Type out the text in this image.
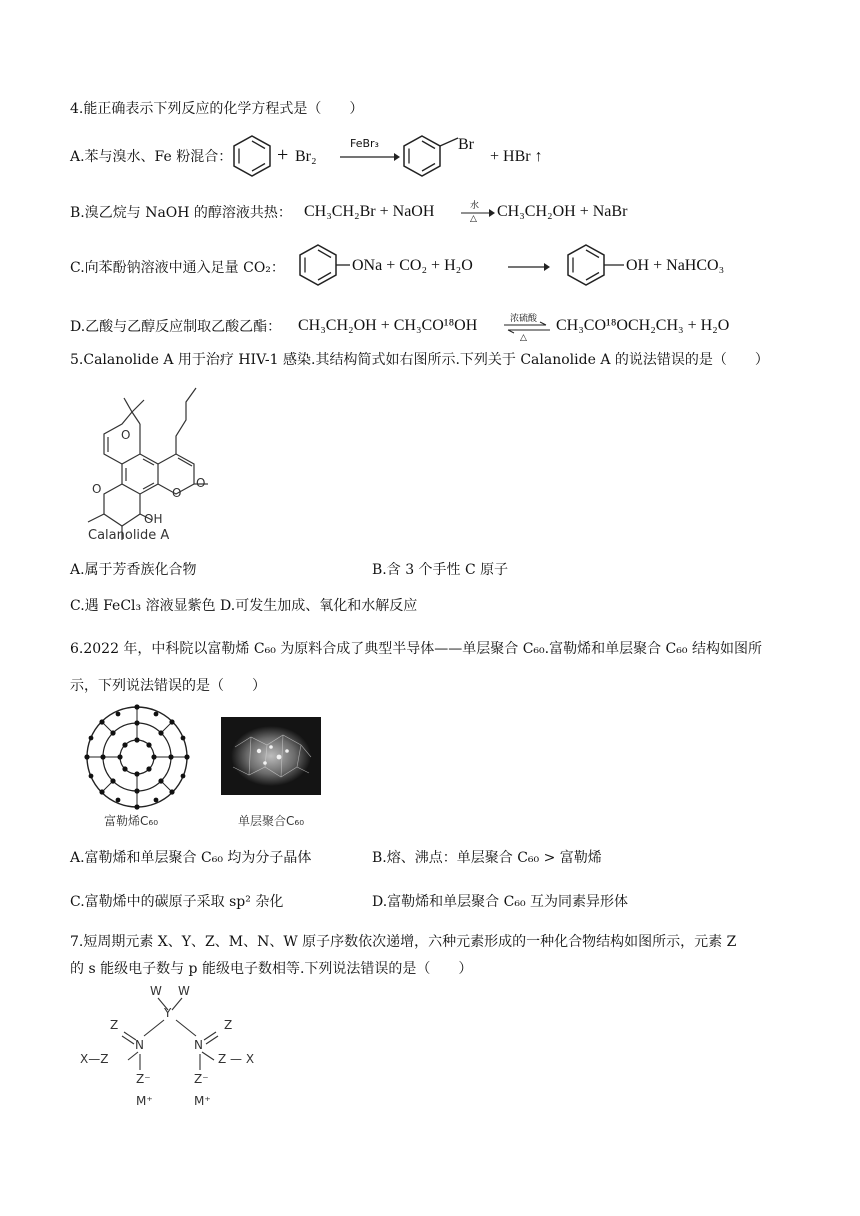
4.能正确表示下列反应的化学方程式是（　　）
A.苯与溴水、Fe 粉混合： + Br₂
FeBr₃	Br
+ HBr ↑
B.溴乙烷与 NaOH 的醇溶液共热： CH₃CH₂Br + NaOH	水
△ CH₃CH₂OH + NaBr
C.向苯酚钠溶液中通入足量 CO₂：	ONa + CO₂ + H₂O	OH + NaHCO₃
D.乙酸与乙醇反应制取乙酸乙酯： CH₃CH₂OH + CH₃CO¹⁸OH	浓硫酸
△
CH₃CO¹⁸OCH₂CH₃ + H₂O
5.Calanolide A 用于治疗 HIV-1 感染.其结构简式如右图所示.下列关于 Calanolide A 的说法错误的是（　　）
O
O	O
O
OH
Calanolide A
A.属于芳香族化合物	B.含 3 个手性 C 原子
C.遇 FeCl₃ 溶液显紫色 D.可发生加成、氧化和水解反应
6.2022 年，中科院以富勒烯 C₆₀ 为原料合成了典型半导体——单层聚合 C₆₀.富勒烯和单层聚合 C₆₀ 结构如图所
示，下列说法错误的是（　　）
富勒烯C₆₀	单层聚合C₆₀
A.富勒烯和单层聚合 C₆₀ 均为分子晶体	B.熔、沸点：单层聚合 C₆₀ > 富勒烯
C.富勒烯中的碳原子采取 sp² 杂化	D.富勒烯和单层聚合 C₆₀ 互为同素异形体
7.短周期元素 X、Y、Z、M、N、W 原子序数依次递增，六种元素形成的一种化合物结构如图所示，元素 Z
的 s 能级电子数与 p 能级电子数相等.下列说法错误的是（　　）
W W
Y
Z	Z
N	N
X—Z	Z — X
Z⁻	Z⁻
M⁺	M⁺
